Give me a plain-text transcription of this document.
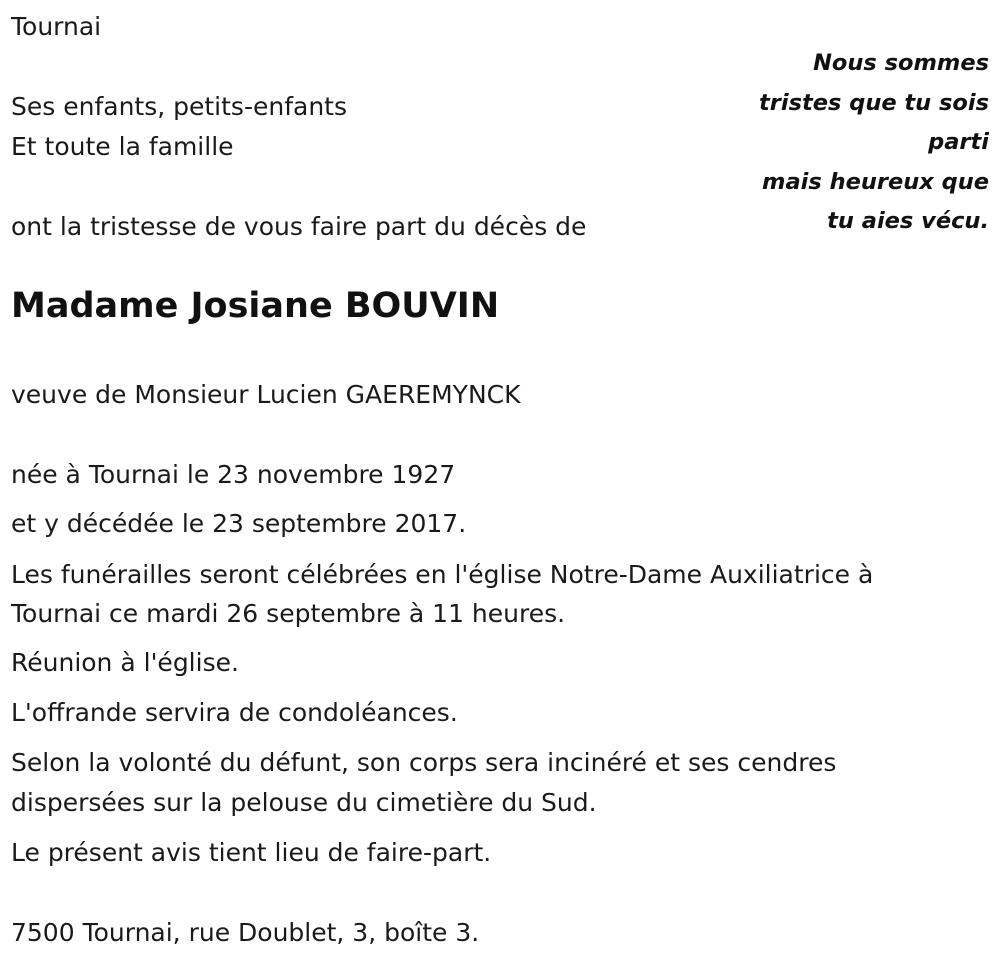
Tournai
Ses enfants, petits-enfants
Et toute la famille
ont la tristesse de vous faire part du décès de
Madame Josiane BOUVIN
veuve de Monsieur Lucien GAEREMYNCK
née à Tournai le 23 novembre 1927
et y décédée le 23 septembre 2017.
Les funérailles seront célébrées en l'église Notre-Dame Auxiliatrice à
Tournai ce mardi 26 septembre à 11 heures.
Réunion à l'église.
L'offrande servira de condoléances.
Selon la volonté du défunt, son corps sera incinéré et ses cendres
dispersées sur la pelouse du cimetière du Sud.
Le présent avis tient lieu de faire-part.
7500 Tournai, rue Doublet, 3, boîte 3.
Nous sommes
tristes que tu sois
parti
mais heureux que
tu aies vécu.
